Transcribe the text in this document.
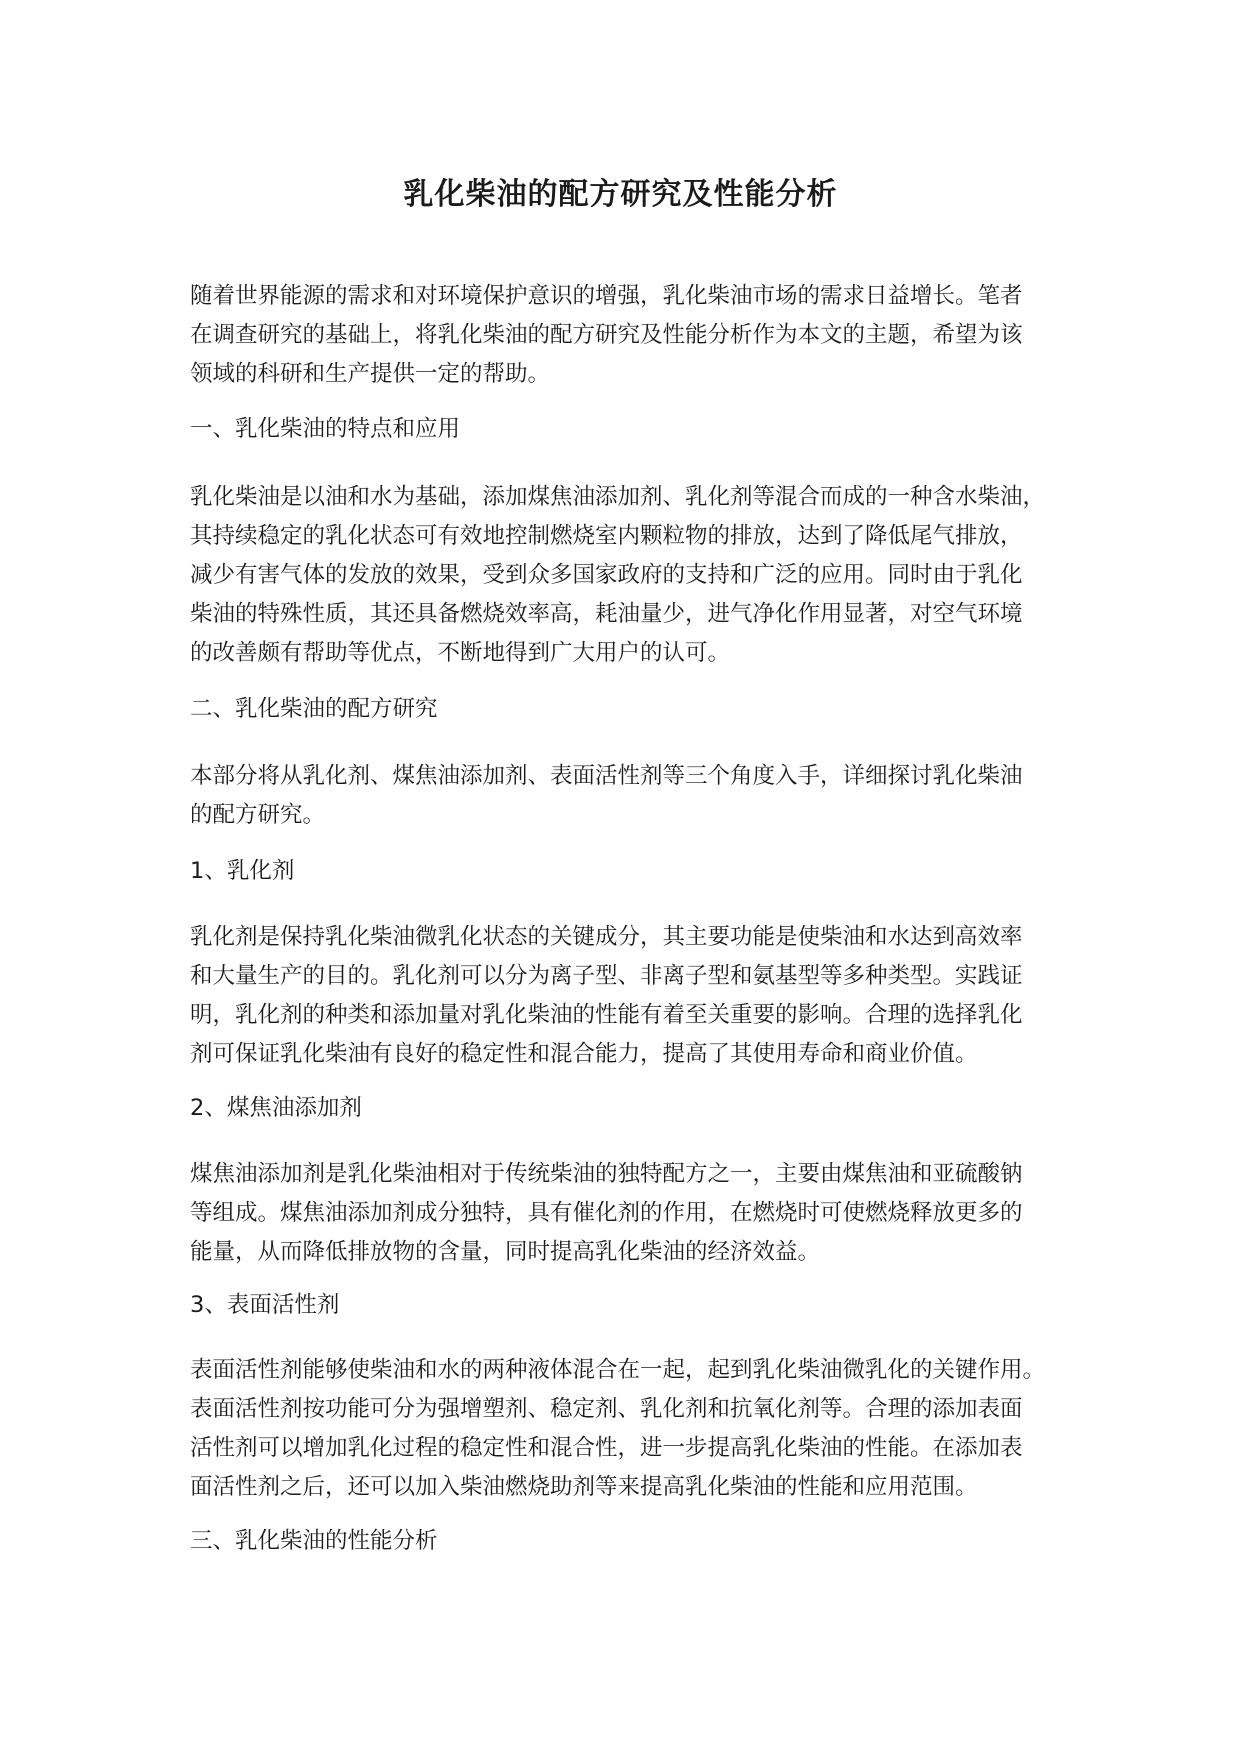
乳化柴油的配方研究及性能分析

随着世界能源的需求和对环境保护意识的增强，乳化柴油市场的需求日益增长。笔者
在调查研究的基础上，将乳化柴油的配方研究及性能分析作为本文的主题，希望为该
领域的科研和生产提供一定的帮助。

一、乳化柴油的特点和应用

乳化柴油是以油和水为基础，添加煤焦油添加剂、乳化剂等混合而成的一种含水柴油，
其持续稳定的乳化状态可有效地控制燃烧室内颗粒物的排放，达到了降低尾气排放，
减少有害气体的发放的效果，受到众多国家政府的支持和广泛的应用。同时由于乳化
柴油的特殊性质，其还具备燃烧效率高，耗油量少，进气净化作用显著，对空气环境
的改善颇有帮助等优点，不断地得到广大用户的认可。

二、乳化柴油的配方研究

本部分将从乳化剂、煤焦油添加剂、表面活性剂等三个角度入手，详细探讨乳化柴油
的配方研究。

1、乳化剂

乳化剂是保持乳化柴油微乳化状态的关键成分，其主要功能是使柴油和水达到高效率
和大量生产的目的。乳化剂可以分为离子型、非离子型和氨基型等多种类型。实践证
明，乳化剂的种类和添加量对乳化柴油的性能有着至关重要的影响。合理的选择乳化
剂可保证乳化柴油有良好的稳定性和混合能力，提高了其使用寿命和商业价值。

2、煤焦油添加剂

煤焦油添加剂是乳化柴油相对于传统柴油的独特配方之一，主要由煤焦油和亚硫酸钠
等组成。煤焦油添加剂成分独特，具有催化剂的作用，在燃烧时可使燃烧释放更多的
能量，从而降低排放物的含量，同时提高乳化柴油的经济效益。

3、表面活性剂

表面活性剂能够使柴油和水的两种液体混合在一起，起到乳化柴油微乳化的关键作用。
表面活性剂按功能可分为强增塑剂、稳定剂、乳化剂和抗氧化剂等。合理的添加表面
活性剂可以增加乳化过程的稳定性和混合性，进一步提高乳化柴油的性能。在添加表
面活性剂之后，还可以加入柴油燃烧助剂等来提高乳化柴油的性能和应用范围。

三、乳化柴油的性能分析
